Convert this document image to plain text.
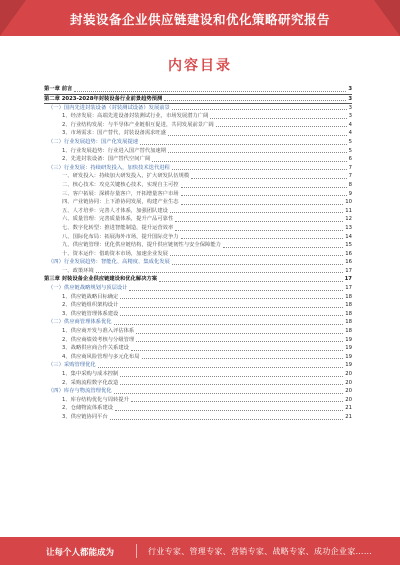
封装设备企业供应链建设和优化策略研究报告
内容目录
第一章 前言	3
第二章 2023-2028年封装设备行业前景趋势预测	3
（一）国内先进封装设备（封装测试设备）发展前景	3
1、经济发展：高端先进设备封装测试行业，市场发展潜力广阔	3
2、行业结构发展：与半导体产业链相互促进，共同发展前景广阔	4
3、市场需求：国产替代，封装设备需求旺盛	4
（二）行业发展趋势：国产化发展提速	5
1、行业发展趋势：行业进入国产替代加速期	5
2、先进封装设备：国产替代空间广阔	6
（三）行业发展：持续研发投入，加快技术迭代进程	7
一、研发投入：持续加大研发投入，扩大研发队伍规模	7
二、核心技术：攻克关键核心技术，实现自主可控	8
三、客户拓展：深耕存量客户，开拓增量客户市场	9
四、产业链协同：上下游协同发展，构建产业生态	10
五、人才培养：完善人才体系，加强团队建设	11
六、质量管理：完善质量体系，提升产品可靠性	12
七、数字化转型：推进智能制造，提升运营效率	13
八、国际化布局：拓展海外市场，提升国际竞争力	14
九、供应链管理：优化供应链结构，提升供应链韧性与安全保障能力	15
十、资本运作：借助资本市场，加速企业发展	16
（四）行业发展趋势：智能化、高精度、集成化发展	16
一、政策环境	17
第三章 封装设备企业供应链建设和优化解决方案	17
（一）供应链战略规划与顶层设计	17
1、供应链战略目标确定	18
2、供应链组织架构设计	18
3、供应链管理体系建设	18
（二）供应商管理体系优化	18
1、供应商开发与准入评估体系	18
2、供应商绩效考核与分级管理	19
3、战略供应商合作关系建设	19
4、供应商风险管理与多元化布局	19
（三）采购管理优化	19
1、集中采购与成本控制	20
2、采购流程数字化改造	20
（四）库存与物流管理优化	20
1、库存结构优化与周转提升	20
2、仓储物流体系建设	21
3、供应链协同平台	21
让每个人都能成为	行业专家、管理专家、营销专家、战略专家、成功企业家……
